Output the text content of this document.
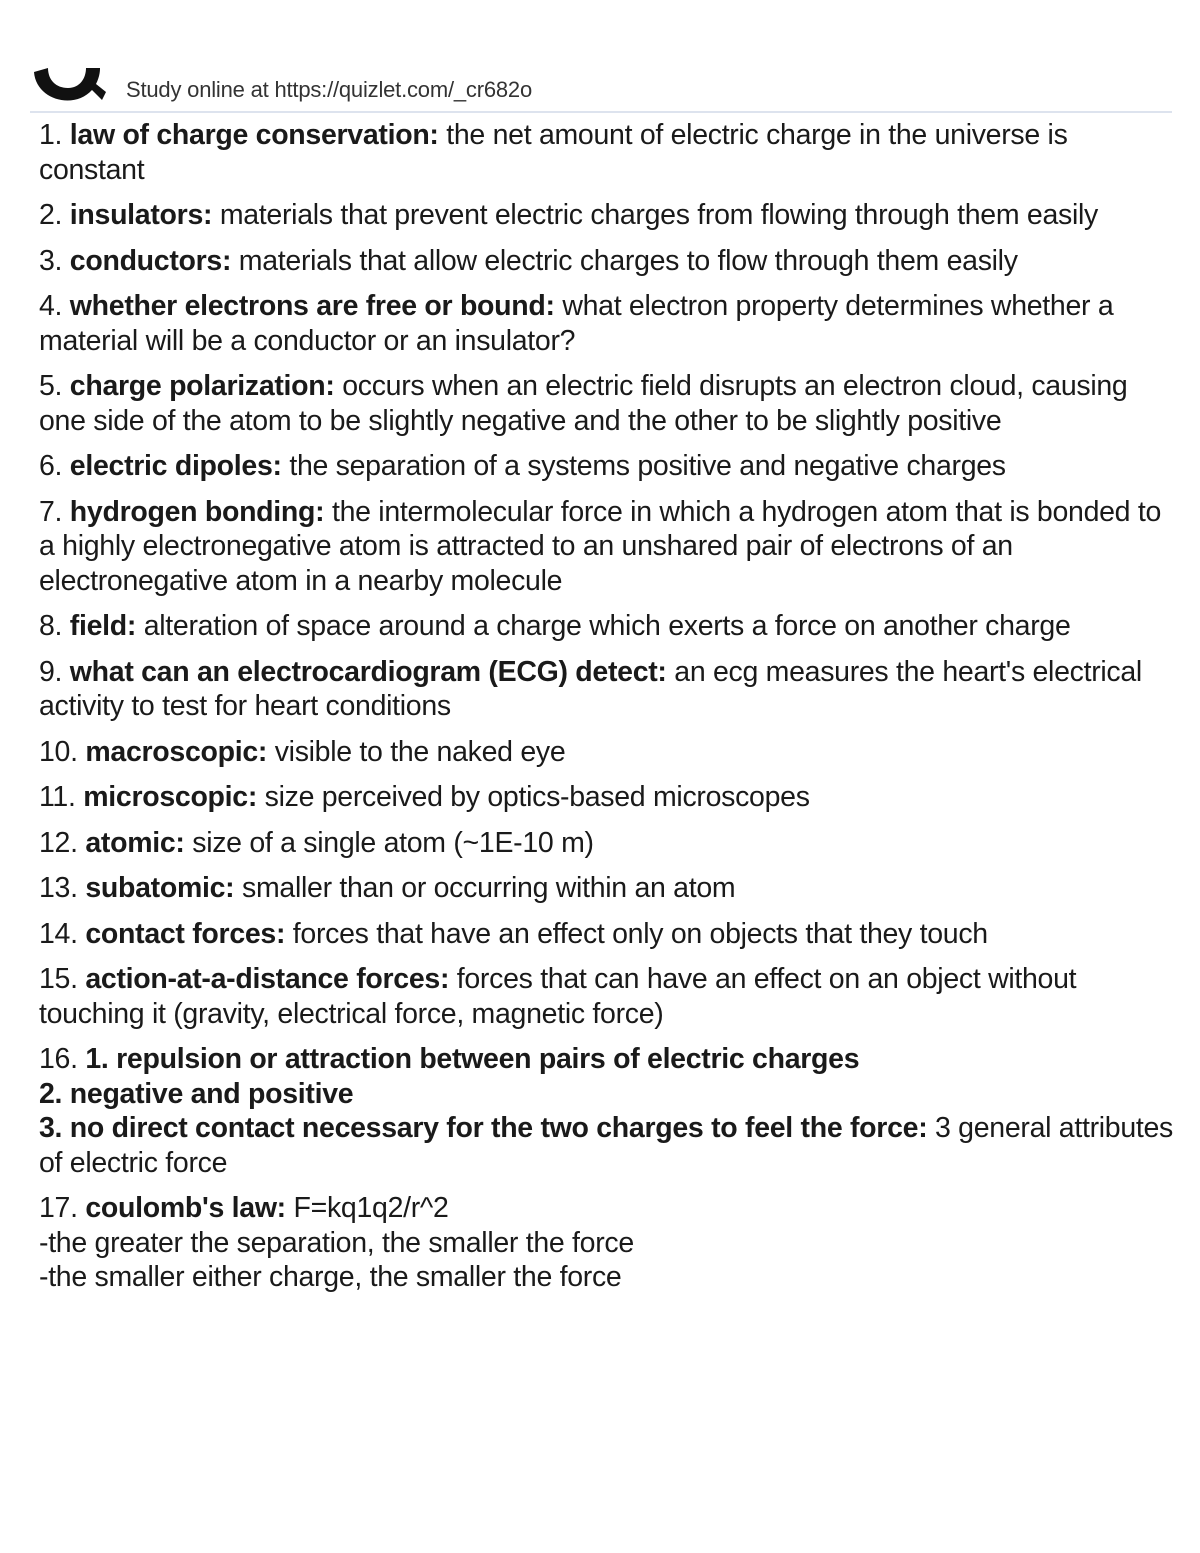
Study online at https://quizlet.com/_cr682o
1. law of charge conservation: the net amount of electric charge in the universe is constant
2. insulators: materials that prevent electric charges from flowing through them easily
3. conductors: materials that allow electric charges to flow through them easily
4. whether electrons are free or bound: what electron property determines whether a material will be a conductor or an insulator?
5. charge polarization: occurs when an electric field disrupts an electron cloud, causing one side of the atom to be slightly negative and the other to be slightly positive
6. electric dipoles: the separation of a systems positive and negative charges
7. hydrogen bonding: the intermolecular force in which a hydrogen atom that is bonded to a highly electronegative atom is attracted to an unshared pair of electrons of an electronegative atom in a nearby molecule
8. field: alteration of space around a charge which exerts a force on another charge
9. what can an electrocardiogram (ECG) detect: an ecg measures the heart's electrical activity to test for heart conditions
10. macroscopic: visible to the naked eye
11. microscopic: size perceived by optics-based microscopes
12. atomic: size of a single atom (~1E-10 m)
13. subatomic: smaller than or occurring within an atom
14. contact forces: forces that have an effect only on objects that they touch
15. action-at-a-distance forces: forces that can have an effect on an object without touching it (gravity, electrical force, magnetic force)
16. 1. repulsion or attraction between pairs of electric charges
2. negative and positive
3. no direct contact necessary for the two charges to feel the force: 3 general attributes of electric force
17. coulomb's law: F=kq1q2/r^2
-the greater the separation, the smaller the force
-the smaller either charge, the smaller the force
